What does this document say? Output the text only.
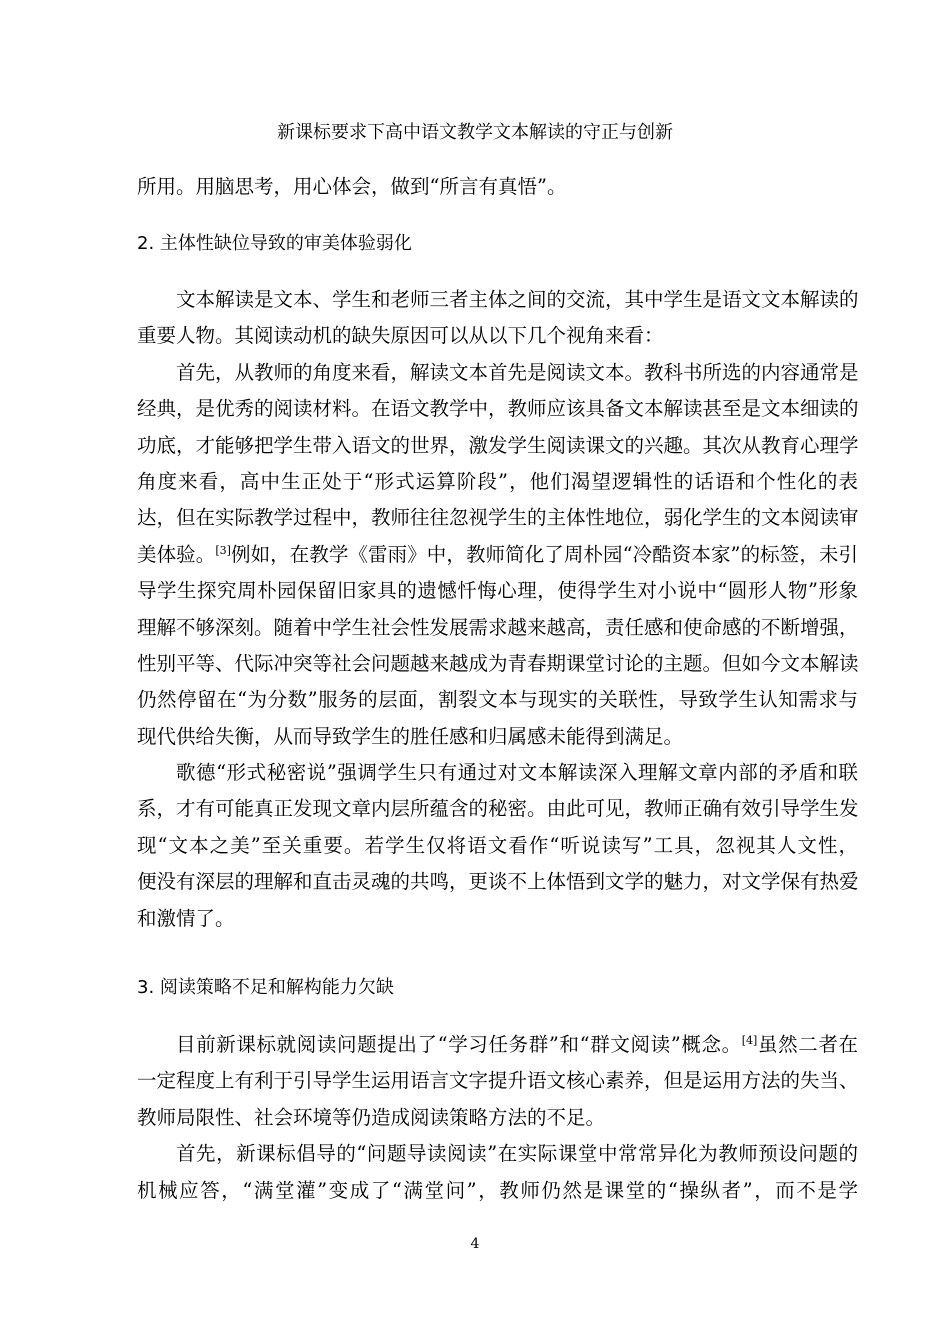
新课标要求下高中语文教学文本解读的守正与创新
所用。用脑思考，用心体会，做到“所言有真悟”。
2. 主体性缺位导致的审美体验弱化
文本解读是文本、学生和老师三者主体之间的交流，其中学生是语文文本解读的
重要人物。其阅读动机的缺失原因可以从以下几个视角来看：
首先，从教师的角度来看，解读文本首先是阅读文本。教科书所选的内容通常是
经典，是优秀的阅读材料。在语文教学中，教师应该具备文本解读甚至是文本细读的
功底，才能够把学生带入语文的世界，激发学生阅读课文的兴趣。其次从教育心理学
角度来看，高中生正处于“形式运算阶段”，他们渴望逻辑性的话语和个性化的表
达，但在实际教学过程中，教师往往忽视学生的主体性地位，弱化学生的文本阅读审
美体验。[3]例如，在教学《雷雨》中，教师简化了周朴园“冷酷资本家”的标签，未引
导学生探究周朴园保留旧家具的遗憾忏悔心理，使得学生对小说中“圆形人物”形象
理解不够深刻。随着中学生社会性发展需求越来越高，责任感和使命感的不断增强，
性别平等、代际冲突等社会问题越来越成为青春期课堂讨论的主题。但如今文本解读
仍然停留在“为分数”服务的层面，割裂文本与现实的关联性，导致学生认知需求与
现代供给失衡，从而导致学生的胜任感和归属感未能得到满足。
歌德“形式秘密说”强调学生只有通过对文本解读深入理解文章内部的矛盾和联
系，才有可能真正发现文章内层所蕴含的秘密。由此可见，教师正确有效引导学生发
现“文本之美”至关重要。若学生仅将语文看作“听说读写”工具，忽视其人文性，
便没有深层的理解和直击灵魂的共鸣，更谈不上体悟到文学的魅力，对文学保有热爱
和激情了。
3. 阅读策略不足和解构能力欠缺
目前新课标就阅读问题提出了“学习任务群”和“群文阅读”概念。[4]虽然二者在
一定程度上有利于引导学生运用语言文字提升语文核心素养，但是运用方法的失当、
教师局限性、社会环境等仍造成阅读策略方法的不足。
首先，新课标倡导的“问题导读阅读”在实际课堂中常常异化为教师预设问题的
机械应答，“满堂灌”变成了“满堂问”，教师仍然是课堂的“操纵者”，而不是学
4
